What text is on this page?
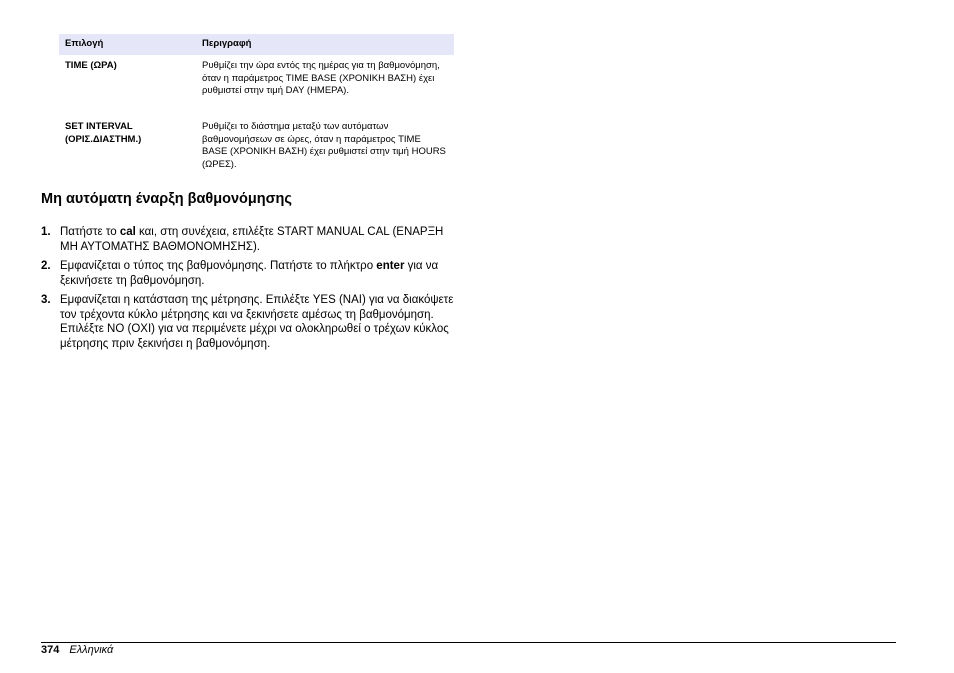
Επιλογή	Περιγραφή
TIME (ΩΡΑ)	Ρυθμίζει την ώρα εντός της ημέρας για τη βαθμονόμηση, όταν η παράμετρος TIME BASE (ΧΡΟΝΙΚΗ ΒΑΣΗ) έχει ρυθμιστεί στην τιμή DAY (ΗΜΕΡΑ).
SET INTERVAL
(ΟΡΙΣ.ΔΙΑΣΤΗΜ.)	Ρυθμίζει το διάστημα μεταξύ των αυτόματων βαθμονομήσεων σε ώρες, όταν η παράμετρος TIME BASE (ΧΡΟΝΙΚΗ ΒΑΣΗ) έχει ρυθμιστεί στην τιμή HOURS (ΩΡΕΣ).
Μη αυτόματη έναρξη βαθμονόμησης
1. Πατήστε το cal και, στη συνέχεια, επιλέξτε START MANUAL CAL (ΕΝΑΡΞΗ ΜΗ ΑΥΤΟΜΑΤΗΣ ΒΑΘΜΟΝΟΜΗΣΗΣ).
2. Εμφανίζεται ο τύπος της βαθμονόμησης. Πατήστε το πλήκτρο enter για να ξεκινήσετε τη βαθμονόμηση.
3. Εμφανίζεται η κατάσταση της μέτρησης. Επιλέξτε YES (ΝΑΙ) για να διακόψετε τον τρέχοντα κύκλο μέτρησης και να ξεκινήσετε αμέσως τη βαθμονόμηση. Επιλέξτε NO (ΟΧΙ) για να περιμένετε μέχρι να ολοκληρωθεί ο τρέχων κύκλος μέτρησης πριν ξεκινήσει η βαθμονόμηση.
374 Ελληνικά
